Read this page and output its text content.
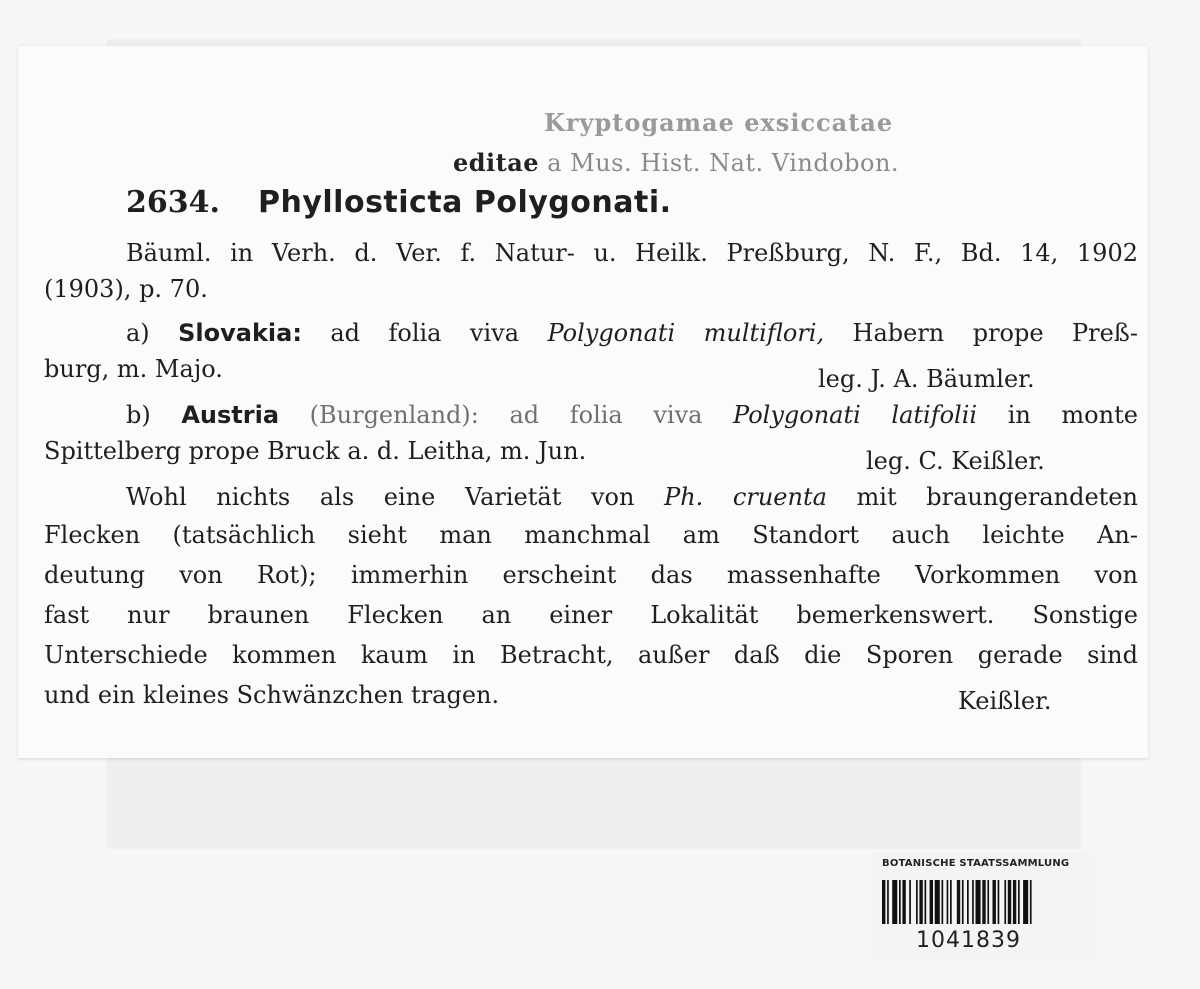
Kryptogamae exsiccatae
editae a Mus. Hist. Nat. Vindobon.
2634. Phyllosticta Polygonati.
Bäuml. in Verh. d. Ver. f. Natur- u. Heilk. Preßburg, N. F., Bd. 14, 1902
(1903), p. 70.
a) Slovakia: ad folia viva Polygonati multiflori, Habern prope Preß-
burg, m. Majo.	leg. J. A. Bäumler.
b) Austria (Burgenland): ad folia viva Polygonati latifolii in monte
Spittelberg prope Bruck a. d. Leitha, m. Jun.	leg. C. Keißler.
Wohl nichts als eine Varietät von Ph. cruenta mit braungerandeten
Flecken (tatsächlich sieht man manchmal am Standort auch leichte An-
deutung von Rot); immerhin erscheint das massenhafte Vorkommen von
fast nur braunen Flecken an einer Lokalität bemerkenswert. Sonstige
Unterschiede kommen kaum in Betracht, außer daß die Sporen gerade sind
und ein kleines Schwänzchen tragen.	Keißler.
BOTANISCHE STAATSSAMMLUNG
1041839
